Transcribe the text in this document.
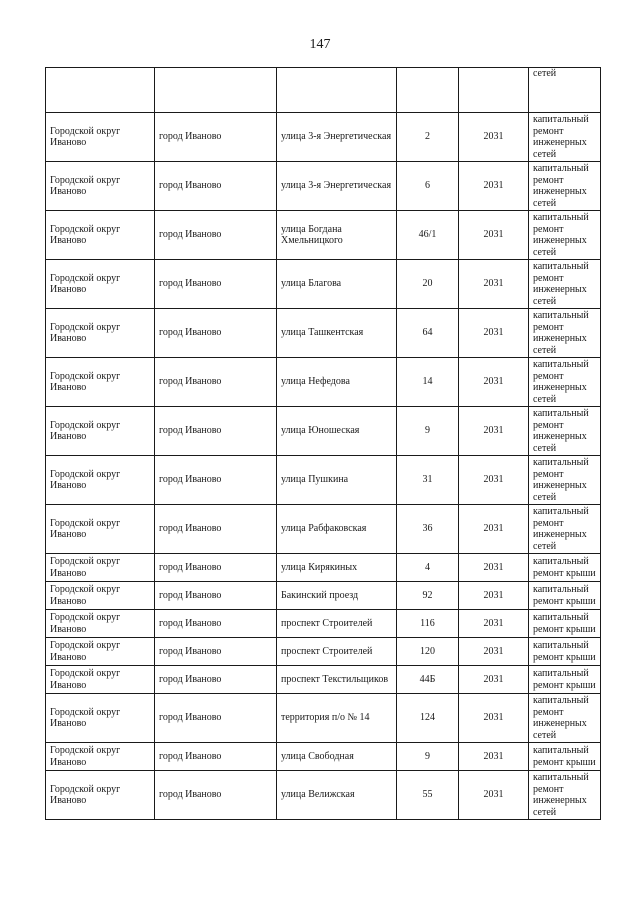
147
					сетей
Городской округ Иваново	город Иваново	улица 3-я Энергетическая	2	2031	капитальный ремонт инженерных сетей
Городской округ Иваново	город Иваново	улица 3-я Энергетическая	6	2031	капитальный ремонт инженерных сетей
Городской округ Иваново	город Иваново	улица Богдана Хмельницкого	46/1	2031	капитальный ремонт инженерных сетей
Городской округ Иваново	город Иваново	улица Благова	20	2031	капитальный ремонт инженерных сетей
Городской округ Иваново	город Иваново	улица Ташкентская	64	2031	капитальный ремонт инженерных сетей
Городской округ Иваново	город Иваново	улица Нефедова	14	2031	капитальный ремонт инженерных сетей
Городской округ Иваново	город Иваново	улица Юношеская	9	2031	капитальный ремонт инженерных сетей
Городской округ Иваново	город Иваново	улица Пушкина	31	2031	капитальный ремонт инженерных сетей
Городской округ Иваново	город Иваново	улица Рабфаковская	36	2031	капитальный ремонт инженерных сетей
Городской округ Иваново	город Иваново	улица Кирякиных	4	2031	капитальный ремонт крыши
Городской округ Иваново	город Иваново	Бакинский проезд	92	2031	капитальный ремонт крыши
Городской округ Иваново	город Иваново	проспект Строителей	116	2031	капитальный ремонт крыши
Городской округ Иваново	город Иваново	проспект Строителей	120	2031	капитальный ремонт крыши
Городской округ Иваново	город Иваново	проспект Текстильщиков	44Б	2031	капитальный ремонт крыши
Городской округ Иваново	город Иваново	территория п/о № 14	124	2031	капитальный ремонт инженерных сетей
Городской округ Иваново	город Иваново	улица Свободная	9	2031	капитальный ремонт крыши
Городской округ Иваново	город Иваново	улица Велижская	55	2031	капитальный ремонт инженерных сетей
